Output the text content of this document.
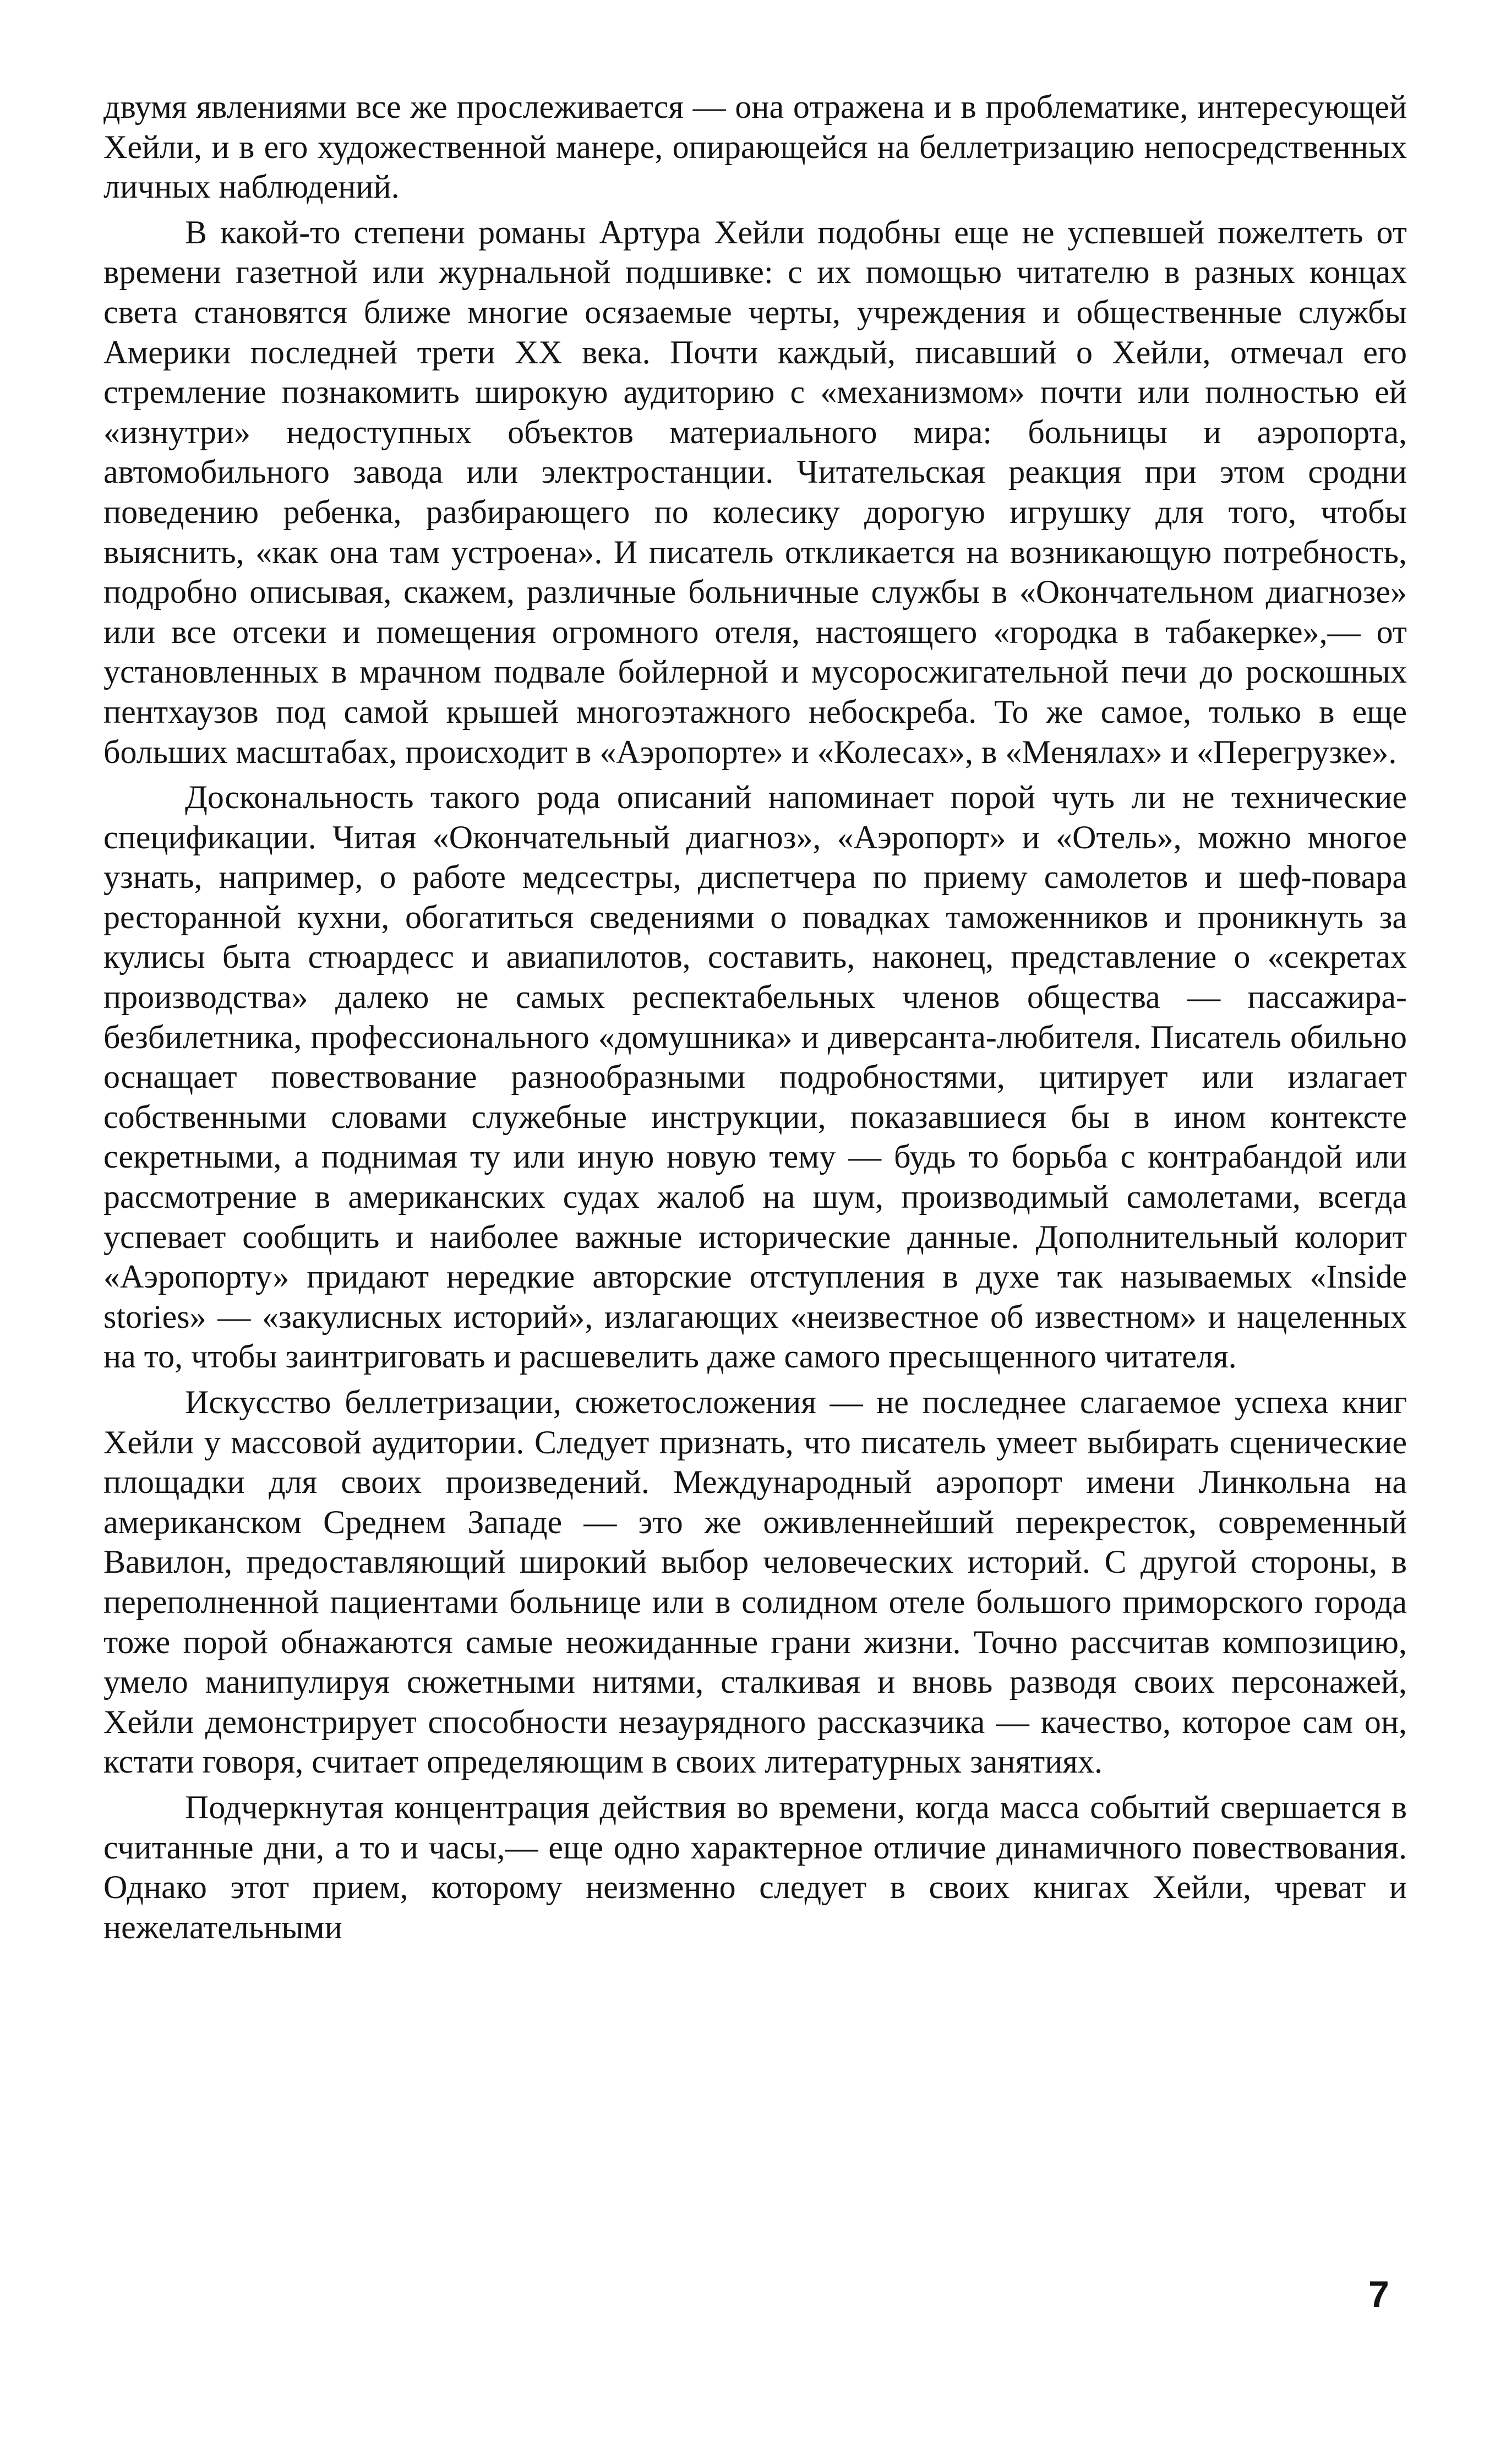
двумя явлениями все же прослеживается — она отражена и в проблематике, интересующей Хейли, и в его художественной манере, опирающейся на беллетризацию непосредственных личных наблюдений.

В какой-то степени романы Артура Хейли подобны еще не успевшей пожелтеть от времени газетной или журнальной подшивке: с их помощью читателю в разных концах света становятся ближе многие осязаемые черты, учреждения и общественные службы Америки последней трети XX века. Почти каждый, писавший о Хейли, отмечал его стремление познакомить широкую аудиторию с «механизмом» почти или полностью ей «изнутри» недоступных объектов материального мира: больницы и аэропорта, автомобильного завода или электростанции. Читательская реакция при этом сродни поведению ребенка, разбирающего по колесику дорогую игрушку для того, чтобы выяснить, «как она там устроена». И писатель откликается на возникающую потребность, подробно описывая, скажем, различные больничные службы в «Окончательном диагнозе» или все отсеки и помещения огромного отеля, настоящего «городка в табакерке»,— от установленных в мрачном подвале бойлерной и мусоросжигательной печи до роскошных пентхаузов под самой крышей многоэтажного небоскреба. То же самое, только в еще больших масштабах, происходит в «Аэропорте» и «Колесах», в «Менялах» и «Перегрузке».

Доскональность такого рода описаний напоминает порой чуть ли не технические спецификации. Читая «Окончательный диагноз», «Аэропорт» и «Отель», можно многое узнать, например, о работе медсестры, диспетчера по приему самолетов и шеф-повара ресторанной кухни, обогатиться сведениями о повадках таможенников и проникнуть за кулисы быта стюардесс и авиапилотов, составить, наконец, представление о «секретах производства» далеко не самых респектабельных членов общества — пассажира-безбилетника, профессионального «домушника» и диверсанта-любителя. Писатель обильно оснащает повествование разнообразными подробностями, цитирует или излагает собственными словами служебные инструкции, показавшиеся бы в ином контексте секретными, а поднимая ту или иную новую тему — будь то борьба с контрабандой или рассмотрение в американских судах жалоб на шум, производимый самолетами, всегда успевает сообщить и наиболее важные исторические данные. Дополнительный колорит «Аэропорту» придают нередкие авторские отступления в духе так называемых «Inside stories» — «закулисных историй», излагающих «неизвестное об известном» и нацеленных на то, чтобы заинтриговать и расшевелить даже самого пресыщенного читателя.

Искусство беллетризации, сюжетосложения — не последнее слагаемое успеха книг Хейли у массовой аудитории. Следует признать, что писатель умеет выбирать сценические площадки для своих произведений. Международный аэропорт имени Линкольна на американском Среднем Западе — это же оживленнейший перекресток, современный Вавилон, предоставляющий широкий выбор человеческих историй. С другой стороны, в переполненной пациентами больнице или в солидном отеле большого приморского города тоже порой обнажаются самые неожиданные грани жизни. Точно рассчитав композицию, умело манипулируя сюжетными нитями, сталкивая и вновь разводя своих персонажей, Хейли демонстрирует способности незаурядного рассказчика — качество, которое сам он, кстати говоря, считает определяющим в своих литературных занятиях.

Подчеркнутая концентрация действия во времени, когда масса событий свершается в считанные дни, а то и часы,— еще одно характерное отличие динамичного повествования. Однако этот прием, которому неизменно следует в своих книгах Хейли, чреват и нежелательными

7
